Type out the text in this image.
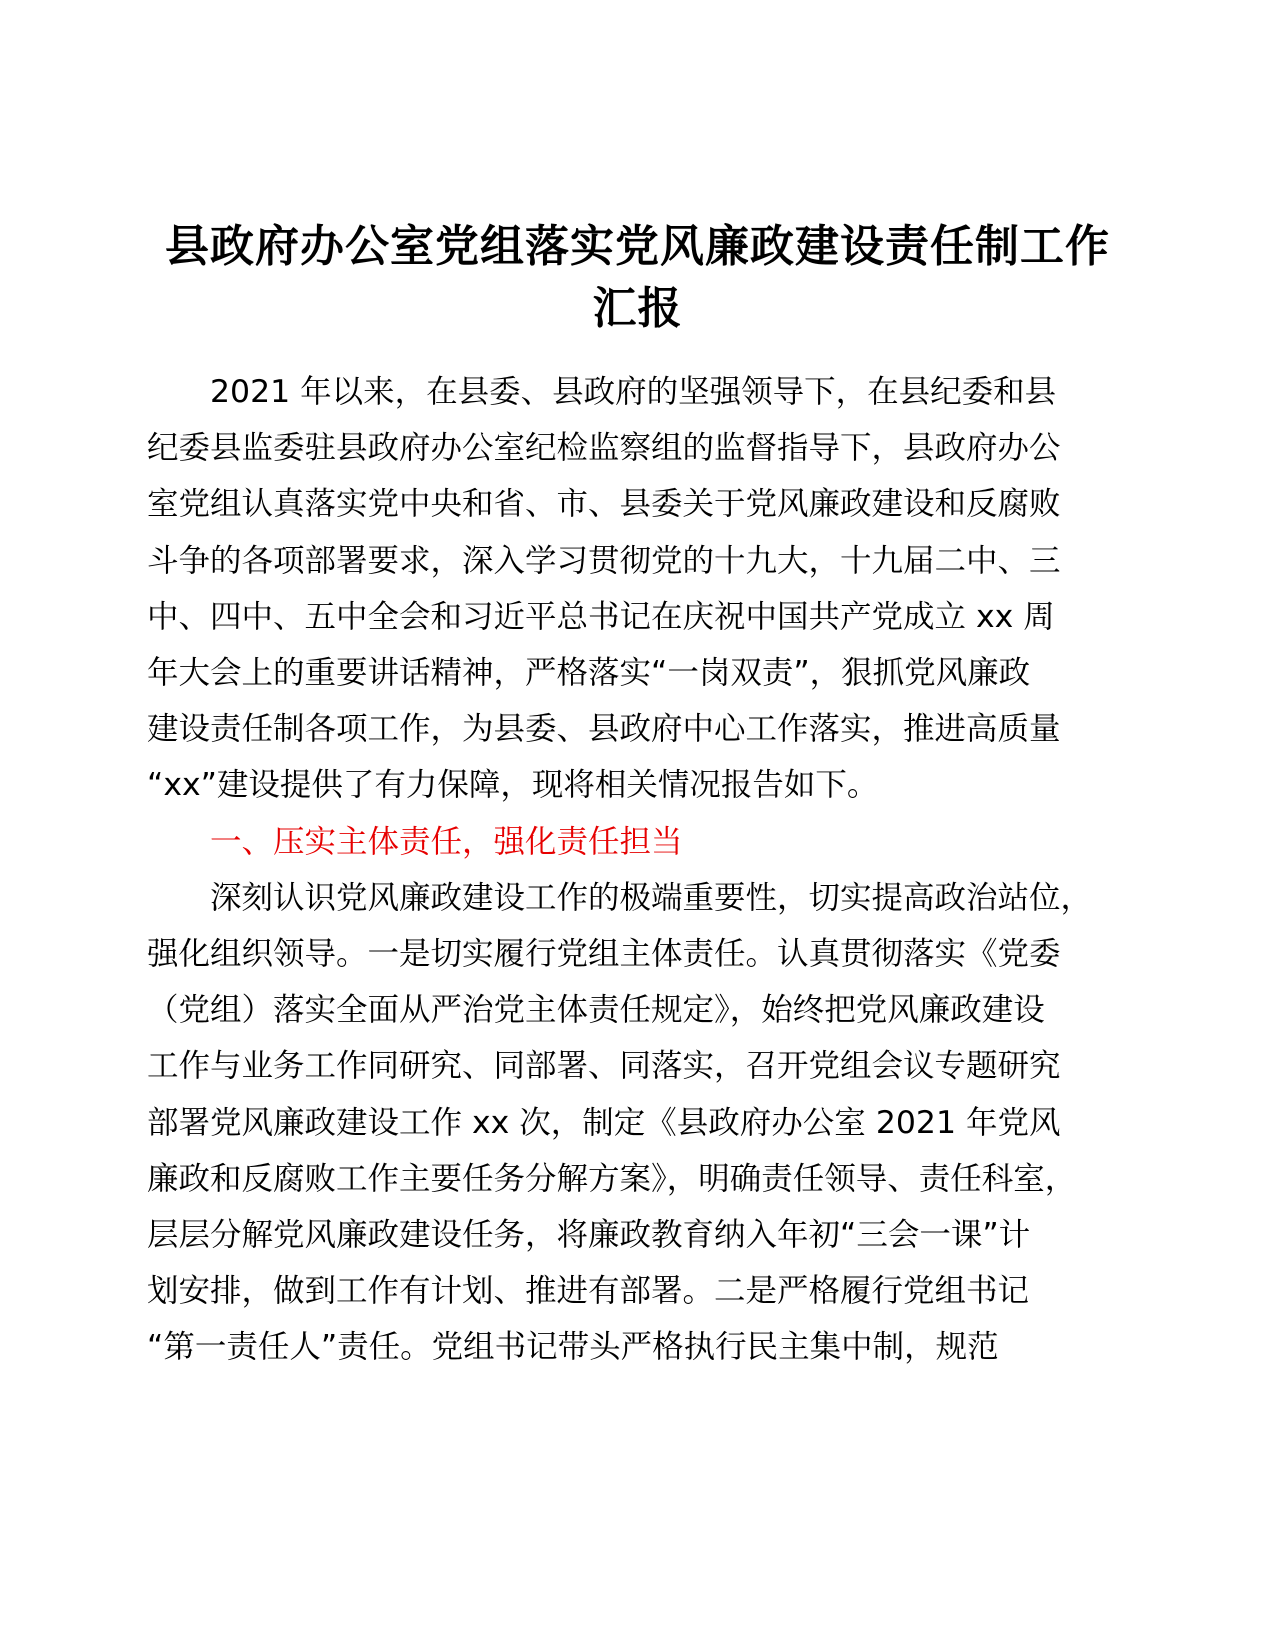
县政府办公室党组落实党风廉政建设责任制工作
汇报
2021 年以来，在县委、县政府的坚强领导下，在县纪委和县
纪委县监委驻县政府办公室纪检监察组的监督指导下，县政府办公
室党组认真落实党中央和省、市、县委关于党风廉政建设和反腐败
斗争的各项部署要求，深入学习贯彻党的十九大，十九届二中、三
中、四中、五中全会和习近平总书记在庆祝中国共产党成立 xx 周
年大会上的重要讲话精神，严格落实“一岗双责”，狠抓党风廉政
建设责任制各项工作，为县委、县政府中心工作落实，推进高质量
“xx”建设提供了有力保障，现将相关情况报告如下。
一、压实主体责任，强化责任担当
深刻认识党风廉政建设工作的极端重要性，切实提高政治站位，
强化组织领导。一是切实履行党组主体责任。认真贯彻落实《党委
（党组）落实全面从严治党主体责任规定》，始终把党风廉政建设
工作与业务工作同研究、同部署、同落实，召开党组会议专题研究
部署党风廉政建设工作 xx 次，制定《县政府办公室 2021 年党风
廉政和反腐败工作主要任务分解方案》，明确责任领导、责任科室，
层层分解党风廉政建设任务，将廉政教育纳入年初“三会一课”计
划安排，做到工作有计划、推进有部署。二是严格履行党组书记
“第一责任人”责任。党组书记带头严格执行民主集中制，规范
